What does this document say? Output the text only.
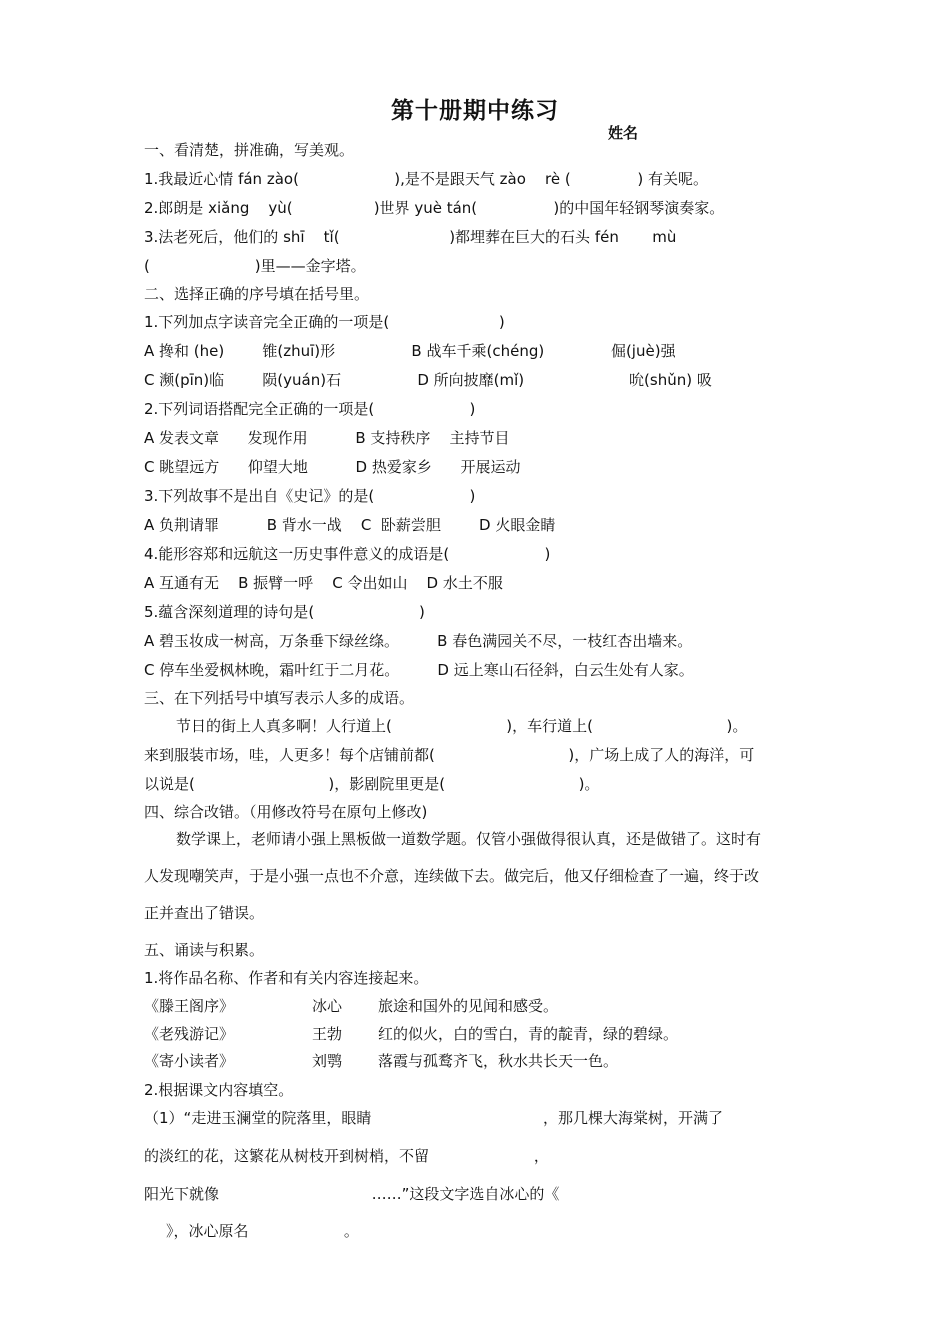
第十册期中练习
姓名
一、看清楚，拼准确，写美观。
1.我最近心情 fán zào(                    ),是不是跟天气 zào    rè (              ) 有关呢。
2.郎朗是 xiǎng    yù(                 )世界 yuè tán(                )的中国年轻钢琴演奏家。
3.法老死后，他们的 shī    tǐ(                       )都埋葬在巨大的石头 fén       mù
(                      )里——金字塔。
二、选择正确的序号填在括号里。
1.下列加点字读音完全正确的一项是(                       )
A 搀和 (he)        锥(zhuī)形                B 战车千乘(chéng)              倔(juè)强
C 濒(pīn)临        陨(yuán)石                D 所向披靡(mǐ)                      吮(shǔn) 吸
2.下列词语搭配完全正确的一项是(                    )
A 发表文章      发现作用          B 支持秩序    主持节目
C 眺望远方      仰望大地          D 热爱家乡      开展运动
3.下列故事不是出自《史记》的是(                    )
A 负荆请罪          B 背水一战    C  卧薪尝胆        D 火眼金睛
4.能形容郑和远航这一历史事件意义的成语是(                    )
A 互通有无    B 振臂一呼    C 令出如山    D 水土不服
5.蕴含深刻道理的诗句是(                      )
A 碧玉妆成一树高，万条垂下绿丝绦。        B 春色满园关不尽，一枝红杏出墙来。
C 停车坐爱枫林晚，霜叶红于二月花。        D 远上寒山石径斜，白云生处有人家。
三、在下列括号中填写表示人多的成语。
节日的街上人真多啊！人行道上(                        )，车行道上(                            )。
来到服装市场，哇，人更多！每个店铺前都(                            )，广场上成了人的海洋，可
以说是(                            )，影剧院里更是(                            )。
四、综合改错。（用修改符号在原句上修改)
数学课上，老师请小强上黑板做一道数学题。仅管小强做得很认真，还是做错了。这时有
人发现嘲笑声，于是小强一点也不介意，连续做下去。做完后，他又仔细检查了一遍，终于改
正并查出了错误。
五、诵读与积累。
1.将作品名称、作者和有关内容连接起来。
《滕王阁序》	冰心 旅途和国外的见闻和感受。
《老残游记》	王勃 红的似火，白的雪白，青的靛青，绿的碧绿。
《寄小读者》	刘鹗 落霞与孤鹜齐飞，秋水共长天一色。
2.根据课文内容填空。
（1）“走进玉澜堂的院落里，眼睛                                    ，那几棵大海棠树，开满了
的淡红的花，这繁花从树枝开到树梢，不留                      ，
阳光下就像                                ……”这段文字选自冰心的《
》，冰心原名                    。
